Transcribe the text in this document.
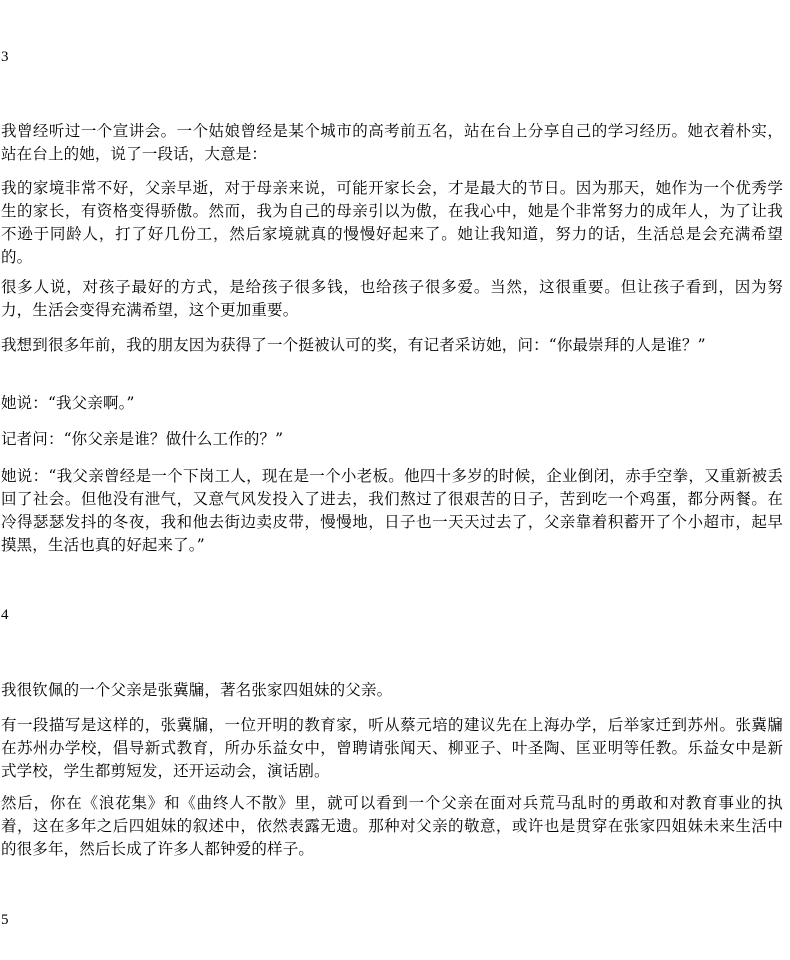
3

我曾经听过一个宣讲会。一个姑娘曾经是某个城市的高考前五名，站在台上分享自己的学习经历。她衣着朴实，站在台上的她，说了一段话，大意是：

我的家境非常不好，父亲早逝，对于母亲来说，可能开家长会，才是最大的节日。因为那天，她作为一个优秀学生的家长，有资格变得骄傲。然而，我为自己的母亲引以为傲，在我心中，她是个非常努力的成年人，为了让我不逊于同龄人，打了好几份工，然后家境就真的慢慢好起来了。她让我知道，努力的话，生活总是会充满希望的。

很多人说，对孩子最好的方式，是给孩子很多钱，也给孩子很多爱。当然，这很重要。但让孩子看到，因为努力，生活会变得充满希望，这个更加重要。

我想到很多年前，我的朋友因为获得了一个挺被认可的奖，有记者采访她，问：“你最崇拜的人是谁？”

她说：“我父亲啊。”

记者问：“你父亲是谁？做什么工作的？”

她说：“我父亲曾经是一个下岗工人，现在是一个小老板。他四十多岁的时候，企业倒闭，赤手空拳，又重新被丢回了社会。但他没有泄气，又意气风发投入了进去，我们熬过了很艰苦的日子，苦到吃一个鸡蛋，都分两餐。在冷得瑟瑟发抖的冬夜，我和他去街边卖皮带，慢慢地，日子也一天天过去了，父亲靠着积蓄开了个小超市，起早摸黑，生活也真的好起来了。”

4

我很钦佩的一个父亲是张冀牖，著名张家四姐妹的父亲。

有一段描写是这样的，张冀牖，一位开明的教育家，听从蔡元培的建议先在上海办学，后举家迁到苏州。张冀牖在苏州办学校，倡导新式教育，所办乐益女中，曾聘请张闻天、柳亚子、叶圣陶、匡亚明等任教。乐益女中是新式学校，学生都剪短发，还开运动会，演话剧。

然后，你在《浪花集》和《曲终人不散》里，就可以看到一个父亲在面对兵荒马乱时的勇敢和对教育事业的执着，这在多年之后四姐妹的叙述中，依然表露无遗。那种对父亲的敬意，或许也是贯穿在张家四姐妹未来生活中的很多年，然后长成了许多人都钟爱的样子。

5
